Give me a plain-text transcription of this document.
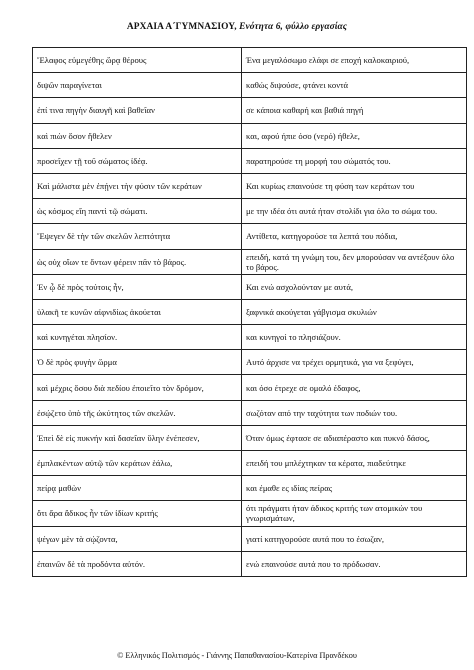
ΑΡΧΑΙΑ Α΄ΓΥΜΝΑΣΙΟΥ, Ενότητα 6, φύλλο εργασίας
Ἔλαφος εὐμεγέθης ὥρᾳ θέρους	Ένα μεγαλόσωμο ελάφι σε εποχή καλοκαιριού,
διψῶν παραγίνεται	καθώς διψούσε, φτάνει κοντά
ἐπί τινα πηγὴν διαυγῆ καὶ βαθεῖαν	σε κάποια καθαρή και βαθιά πηγή
καὶ πιὼν ὅσον ἤθελεν	και, αφού ήπιε όσο (νερό) ήθελε,
προσεῖχεν τῇ τοῦ σώματος ἰδέᾳ.	παρατηρούσε τη μορφή του σώματός του.
Καὶ μάλιστα μὲν ἐπῄνει τὴν φύσιν τῶν κεράτων	Και κυρίως επαινούσε τη φύση των κεράτων του
ὡς κόσμος εἴη παντὶ τῷ σώματι.	με την ιδέα ότι αυτά ήταν στολίδι για όλο το σώμα του.
Ἔψεγεν δὲ τὴν τῶν σκελῶν λεπτότητα	Αντίθετα, κατηγορούσε τα λεπτά του πόδια,
ὡς οὐχ οἵων τε ὄντων φέρειν πᾶν τὸ βάρος.	επειδή, κατά τη γνώμη του, δεν μπορούσαν να αντέξουν όλο το βάρος.
Ἐν ᾧ δὲ πρὸς τούτοις ἦν,	Και ενώ ασχολούνταν με αυτά,
ὑλακῆ τε κυνῶν αἰφνιδίως ἀκούεται	ξαφνικά ακούγεται γάβγισμα σκυλιών
καὶ κυνηγέται πλησίον.	και κυνηγοί το πλησιάζουν.
Ὁ δὲ πρὸς φυγὴν ὥρμα	Αυτό άρχισε να τρέχει ορμητικά, για να ξεφύγει,
καὶ μέχρις ὅσου διὰ πεδίου ἐποιεῖτο τὸν δρόμον,	και όσο έτρεχε σε ομαλό έδαφος,
ἐσῴζετο ὑπὸ τῆς ὠκύτητος τῶν σκελῶν.	σωζόταν από την ταχύτητα των ποδιών του.
Ἐπεὶ δὲ εἰς πυκνήν καὶ δασεῖαν ὕλην ἐνέπεσεν,	Όταν όμως έφτασε σε αδιαπέραστο και πυκνό δάσος,
ἐμπλακέντων αὐτῷ τῶν κεράτων ἑάλω,	επειδή του μπλέχτηκαν τα κέρατα, πιαδεύτηκε
πείρᾳ μαθὼν	και έμαθε ες ιδίας πείρας
ὅτι ἄρα ἄδικος ἦν τῶν ἰδίων κριτής	ότι πράγματι ήταν άδικος κριτής των ατομικών του γνωρισμάτων,
ψέγων μὲν τὰ σῴζοντα,	γιατί κατηγορούσε αυτά που το έσωζαν,
ἐπαινῶν δὲ τὰ προδόντα αὐτόν.	ενώ επαινούσε αυτά που το πρόδωσαν.
© Ελληνικός Πολιτισμός - Γιάννης Παπαθανασίου-Κατερίνα Πρανδέκου
